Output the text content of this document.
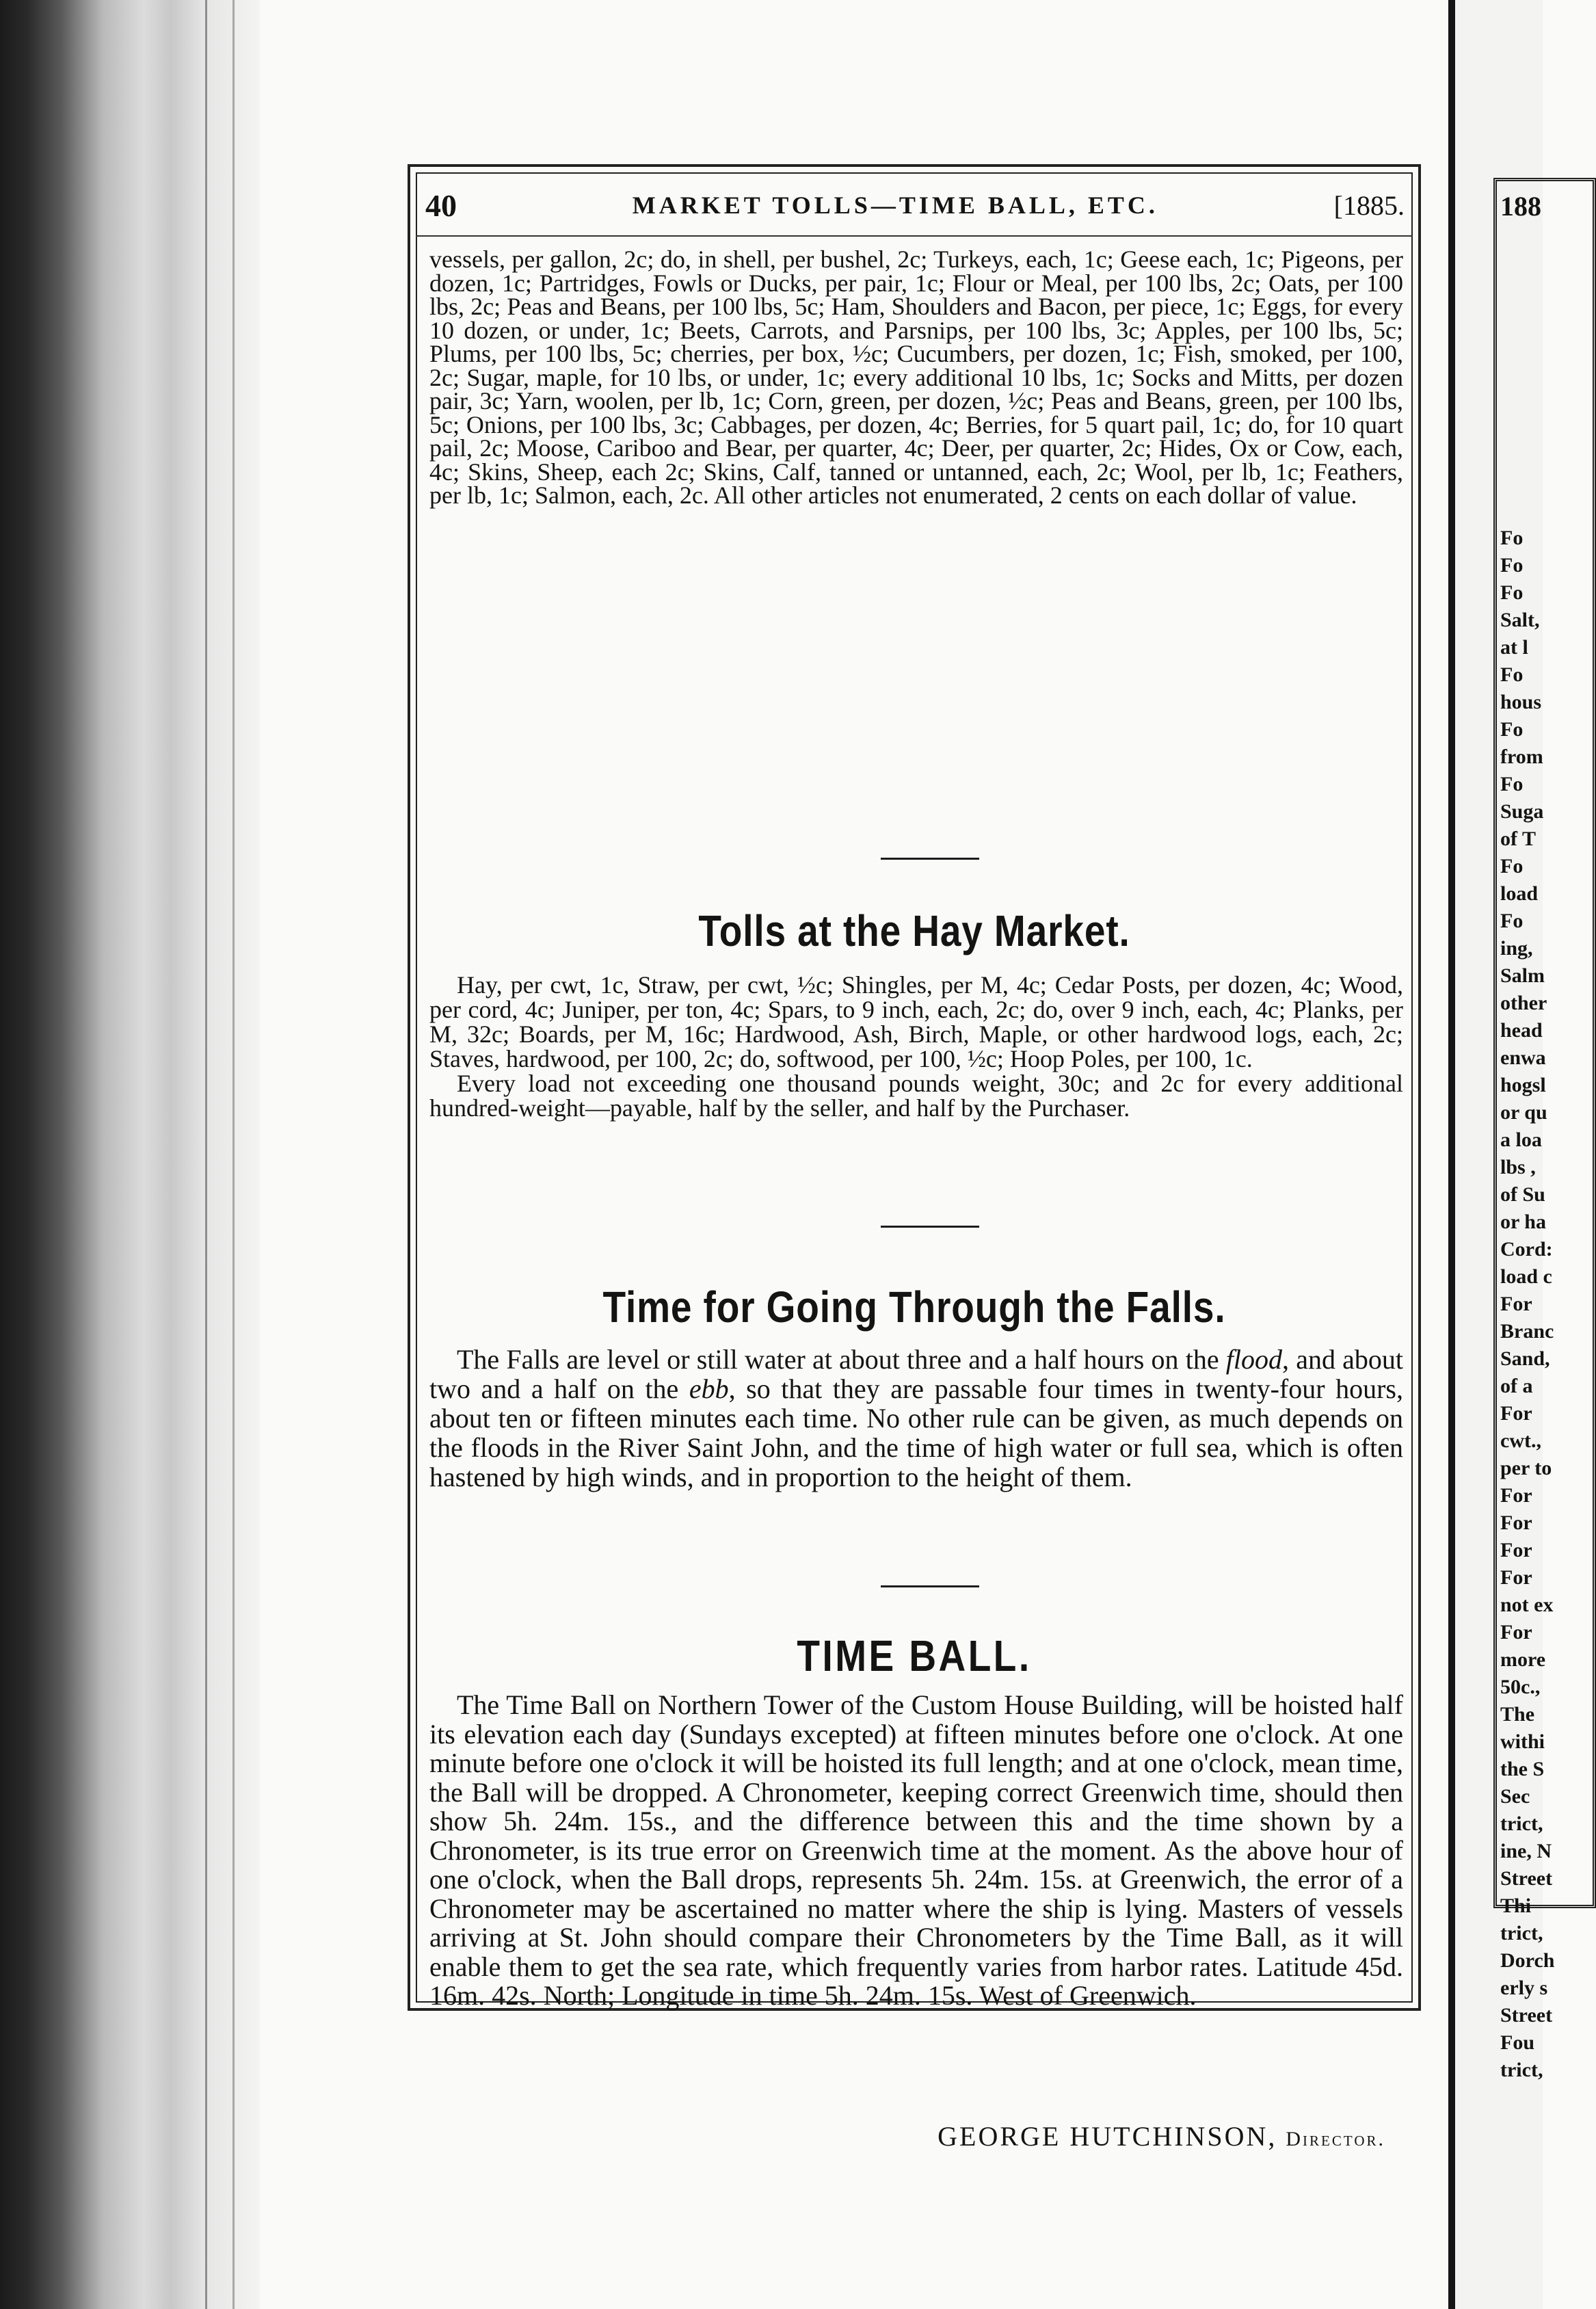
188
Fo
Fo
Fo
Salt,
at l
Fo
hous
Fo
from
Fo
Suga
of T
Fo
load
Fo
ing,
Salm
other
head
enwa
hogsl
or qu
a loa
lbs ,
of Su
or ha
Cord:
load c
For
Branc
Sand,
of a
For
cwt.,
per to
For
For
For
For
not ex
For
more
50c.,
The
withi
the S
Sec
trict,
ine, N
Street
Thi
trict,
Dorch
erly s
Street
Fou
trict,
40	MARKET TOLLS—TIME BALL, ETC.	[1885.

vessels, per gallon, 2c; do, in shell, per bushel, 2c; Turkeys, each, 1c; Geese each, 1c; Pigeons, per dozen, 1c; Partridges, Fowls or Ducks, per pair, 1c; Flour or Meal, per 100 lbs, 2c; Oats, per 100 lbs, 2c; Peas and Beans, per 100 lbs, 5c; Ham, Shoulders and Bacon, per piece, 1c; Eggs, for every 10 dozen, or under, 1c; Beets, Carrots, and Parsnips, per 100 lbs, 3c; Apples, per 100 lbs, 5c; Plums, per 100 lbs, 5c; cherries, per box, ½c; Cucumbers, per dozen, 1c; Fish, smoked, per 100, 2c; Sugar, maple, for 10 lbs, or under, 1c; every additional 10 lbs, 1c; Socks and Mitts, per dozen pair, 3c; Yarn, woolen, per lb, 1c; Corn, green, per dozen, ½c; Peas and Beans, green, per 100 lbs, 5c; Onions, per 100 lbs, 3c; Cabbages, per dozen, 4c; Berries, for 5 quart pail, 1c; do, for 10 quart pail, 2c; Moose, Cariboo and Bear, per quarter, 4c; Deer, per quarter, 2c; Hides, Ox or Cow, each, 4c; Skins, Sheep, each 2c; Skins, Calf, tanned or untanned, each, 2c; Wool, per lb, 1c; Feathers, per lb, 1c; Salmon, each, 2c. All other articles not enumerated, 2 cents on each dollar of value.

Tolls at the Hay Market.

Hay, per cwt, 1c, Straw, per cwt, ½c; Shingles, per M, 4c; Cedar Posts, per dozen, 4c; Wood, per cord, 4c; Juniper, per ton, 4c; Spars, to 9 inch, each, 2c; do, over 9 inch, each, 4c; Planks, per M, 32c; Boards, per M, 16c; Hardwood, Ash, Birch, Maple, or other hardwood logs, each, 2c; Staves, hardwood, per 100, 2c; do, softwood, per 100, ½c; Hoop Poles, per 100, 1c.

Every load not exceeding one thousand pounds weight, 30c; and 2c for every additional hundred-weight—payable, half by the seller, and half by the Purchaser.

Time for Going Through the Falls.

The Falls are level or still water at about three and a half hours on the flood, and about two and a half on the ebb, so that they are passable four times in twenty-four hours, about ten or fifteen minutes each time. No other rule can be given, as much depends on the floods in the River Saint John, and the time of high water or full sea, which is often hastened by high winds, and in proportion to the height of them.

TIME BALL.

The Time Ball on Northern Tower of the Custom House Building, will be hoisted half its elevation each day (Sundays excepted) at fifteen minutes before one o'clock. At one minute before one o'clock it will be hoisted its full length; and at one o'clock, mean time, the Ball will be dropped. A Chronometer, keeping correct Greenwich time, should then show 5h. 24m. 15s., and the difference between this and the time shown by a Chronometer, is its true error on Greenwich time at the moment. As the above hour of one o'clock, when the Ball drops, represents 5h. 24m. 15s. at Greenwich, the error of a Chronometer may be ascertained no matter where the ship is lying. Masters of vessels arriving at St. John should compare their Chronometers by the Time Ball, as it will enable them to get the sea rate, which frequently varies from harbor rates. Latitude 45d. 16m. 42s. North; Longitude in time 5h. 24m. 15s. West of Greenwich.

GEORGE HUTCHINSON, Director.
